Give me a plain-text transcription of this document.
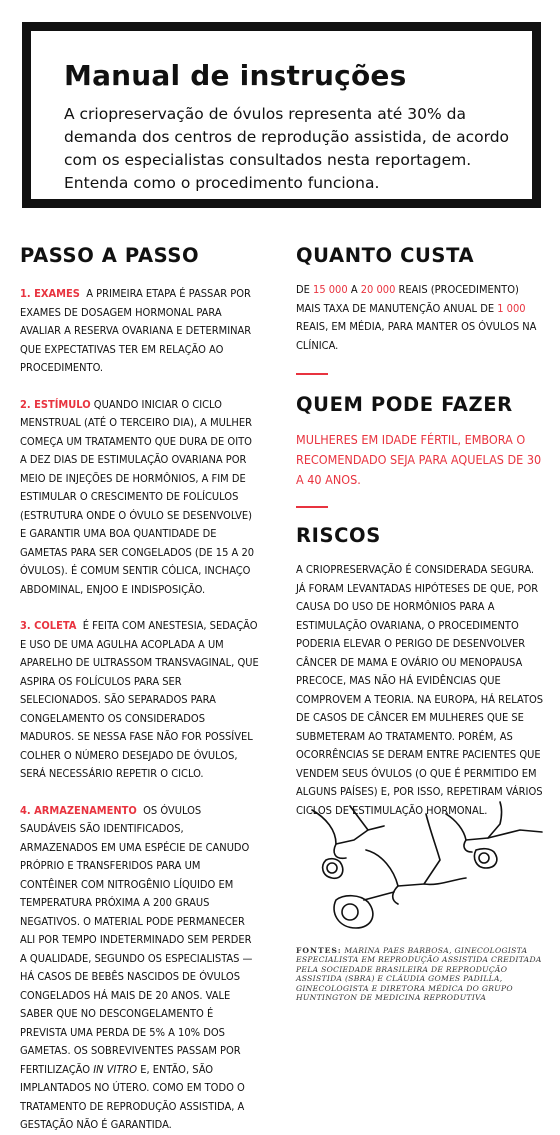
Manual de instruções

A criopreservação de óvulos representa até 30% da demanda dos centros de reprodução assistida, de acordo com os especialistas consultados nesta reportagem. Entenda como o procedimento funciona.

PASSO A PASSO

1. EXAMES A PRIMEIRA ETAPA É PASSAR POR EXAMES DE DOSAGEM HORMONAL PARA AVALIAR A RESERVA OVARIANA E DETERMINAR QUE EXPECTATIVAS TER EM RELAÇÃO AO PROCEDIMENTO.

2. ESTÍMULO QUANDO INICIAR O CICLO MENSTRUAL (ATÉ O TERCEIRO DIA), A MULHER COMEÇA UM TRATAMENTO QUE DURA DE OITO A DEZ DIAS DE ESTIMULAÇÃO OVARIANA POR MEIO DE INJEÇÕES DE HORMÔNIOS, A FIM DE ESTIMULAR O CRESCIMENTO DE FOLÍCULOS (ESTRUTURA ONDE O ÓVULO SE DESENVOLVE) E GARANTIR UMA BOA QUANTIDADE DE GAMETAS PARA SER CONGELADOS (DE 15 A 20 ÓVULOS). É COMUM SENTIR CÓLICA, INCHAÇO ABDOMINAL, ENJOO E INDISPOSIÇÃO.

3. COLETA É FEITA COM ANESTESIA, SEDAÇÃO E USO DE UMA AGULHA ACOPLADA A UM APARELHO DE ULTRASSOM TRANSVAGINAL, QUE ASPIRA OS FOLÍCULOS PARA SER SELECIONADOS. SÃO SEPARADOS PARA CONGELAMENTO OS CONSIDERADOS MADUROS. SE NESSA FASE NÃO FOR POSSÍVEL COLHER O NÚMERO DESEJADO DE ÓVULOS, SERÁ NECESSÁRIO REPETIR O CICLO.

4. ARMAZENAMENTO OS ÓVULOS SAUDÁVEIS SÃO IDENTIFICADOS, ARMAZENADOS EM UMA ESPÉCIE DE CANUDO PRÓPRIO E TRANSFERIDOS PARA UM CONTÊINER COM NITROGÊNIO LÍQUIDO EM TEMPERATURA PRÓXIMA A 200 GRAUS NEGATIVOS. O MATERIAL PODE PERMANECER ALI POR TEMPO INDETERMINADO SEM PERDER A QUALIDADE, SEGUNDO OS ESPECIALISTAS — HÁ CASOS DE BEBÊS NASCIDOS DE ÓVULOS CONGELADOS HÁ MAIS DE 20 ANOS. VALE SABER QUE NO DESCONGELAMENTO É PREVISTA UMA PERDA DE 5% A 10% DOS GAMETAS. OS SOBREVIVENTES PASSAM POR FERTILIZAÇÃO IN VITRO E, ENTÃO, SÃO IMPLANTADOS NO ÚTERO. COMO EM TODO O TRATAMENTO DE REPRODUÇÃO ASSISTIDA, A GESTAÇÃO NÃO É GARANTIDA.

QUANTO CUSTA

DE 15 000 A 20 000 REAIS (PROCEDIMENTO) MAIS TAXA DE MANUTENÇÃO ANUAL DE 1 000 REAIS, EM MÉDIA, PARA MANTER OS ÓVULOS NA CLÍNICA.

QUEM PODE FAZER

MULHERES EM IDADE FÉRTIL, EMBORA O RECOMENDADO SEJA PARA AQUELAS DE 30 A 40 ANOS.

RISCOS

A CRIOPRESERVAÇÃO É CONSIDERADA SEGURA. JÁ FORAM LEVANTADAS HIPÓTESES DE QUE, POR CAUSA DO USO DE HORMÔNIOS PARA A ESTIMULAÇÃO OVARIANA, O PROCEDIMENTO PODERIA ELEVAR O PERIGO DE DESENVOLVER CÂNCER DE MAMA E OVÁRIO OU MENOPAUSA PRECOCE, MAS NÃO HÁ EVIDÊNCIAS QUE COMPROVEM A TEORIA. NA EUROPA, HÁ RELATOS DE CASOS DE CÂNCER EM MULHERES QUE SE SUBMETERAM AO TRATAMENTO. PORÉM, AS OCORRÊNCIAS SE DERAM ENTRE PACIENTES QUE VENDEM SEUS ÓVULOS (O QUE É PERMITIDO EM ALGUNS PAÍSES) E, POR ISSO, REPETIRAM VÁRIOS CICLOS DE ESTIMULAÇÃO HORMONAL.

FONTES: MARINA PAES BARBOSA, GINECOLOGISTA ESPECIALISTA EM REPRODUÇÃO ASSISTIDA CREDITADA PELA SOCIEDADE BRASILEIRA DE REPRODUÇÃO ASSISTIDA (SBRA) E CLÁUDIA GOMES PADILLA, GINECOLOGISTA E DIRETORA MÉDICA DO GRUPO HUNTINGTON DE MEDICINA REPRODUTIVA
